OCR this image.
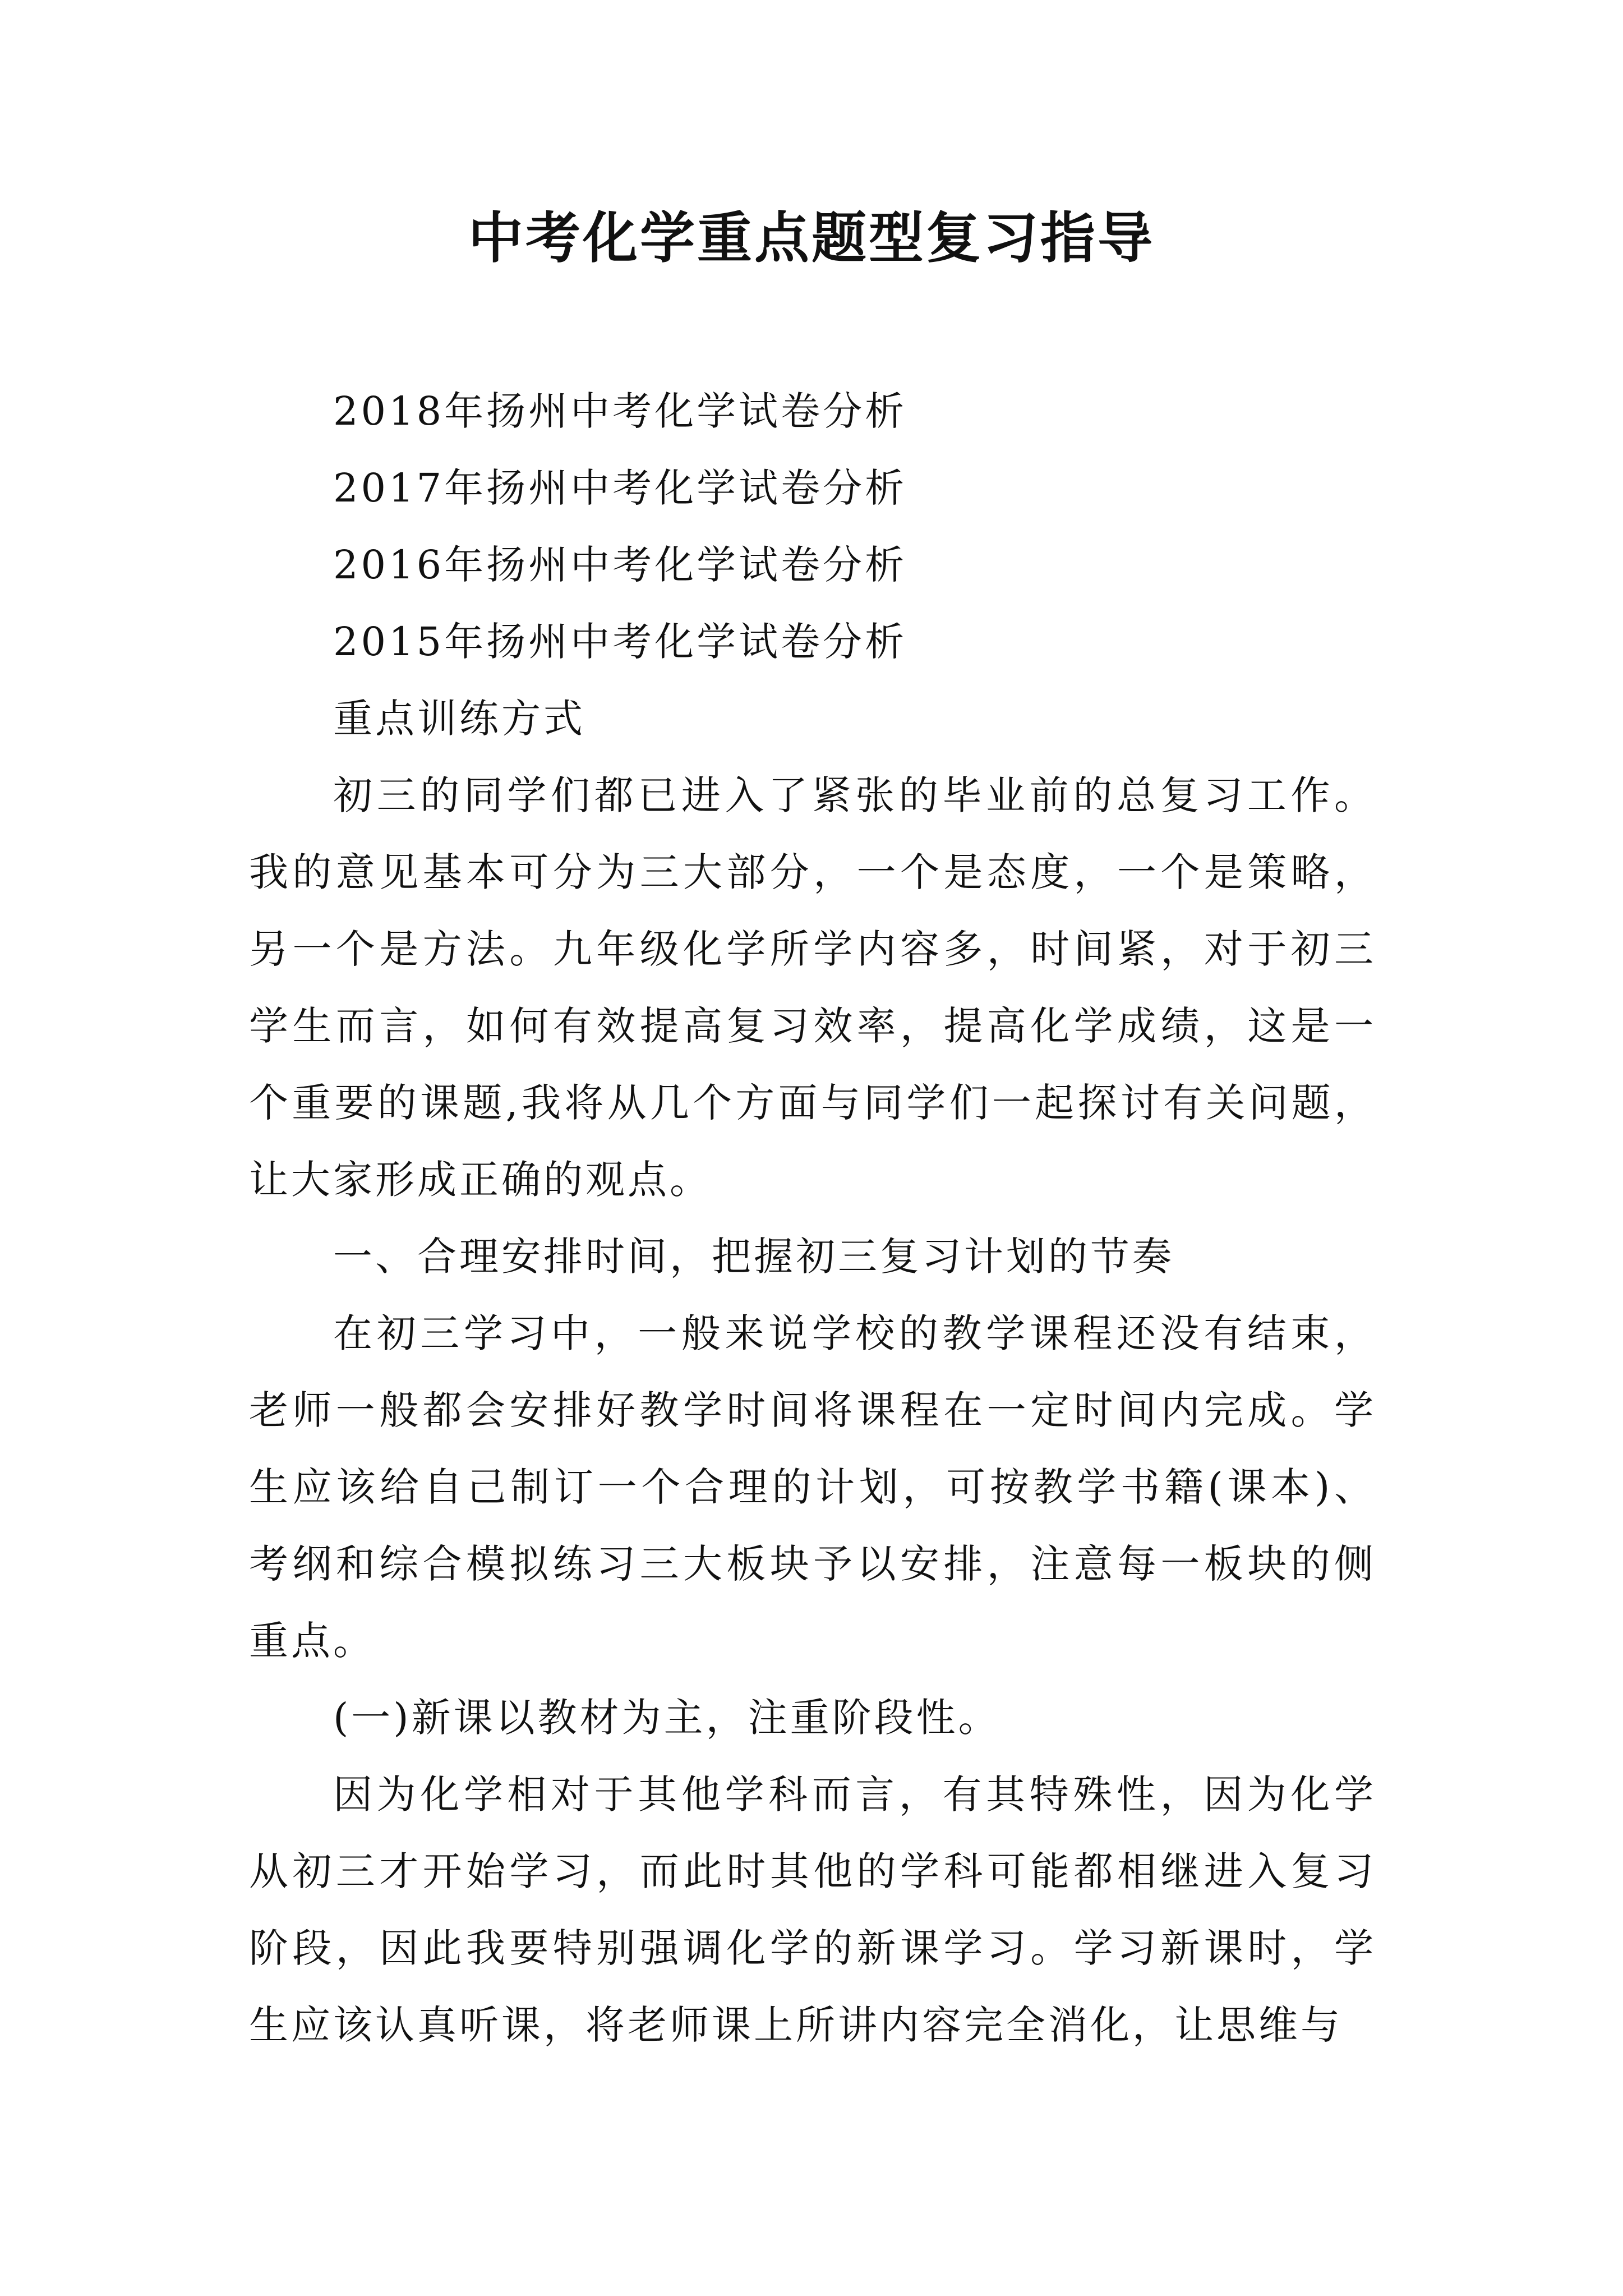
中考化学重点题型复习指导

2018年扬州中考化学试卷分析

2017年扬州中考化学试卷分析

2016年扬州中考化学试卷分析

2015年扬州中考化学试卷分析

重点训练方式

初三的同学们都已进入了紧张的毕业前的总复习工作。我的意见基本可分为三大部分，一个是态度，一个是策略，另一个是方法。九年级化学所学内容多，时间紧，对于初三学生而言，如何有效提高复习效率，提高化学成绩，这是一个重要的课题,我将从几个方面与同学们一起探讨有关问题，让大家形成正确的观点。

一、合理安排时间，把握初三复习计划的节奏

在初三学习中，一般来说学校的教学课程还没有结束，老师一般都会安排好教学时间将课程在一定时间内完成。学生应该给自己制订一个合理的计划，可按教学书籍(课本)、考纲和综合模拟练习三大板块予以安排，注意每一板块的侧重点。

(一)新课以教材为主，注重阶段性。

因为化学相对于其他学科而言，有其特殊性，因为化学从初三才开始学习，而此时其他的学科可能都相继进入复习阶段，因此我要特别强调化学的新课学习。学习新课时，学生应该认真听课，将老师课上所讲内容完全消化，让思维与
